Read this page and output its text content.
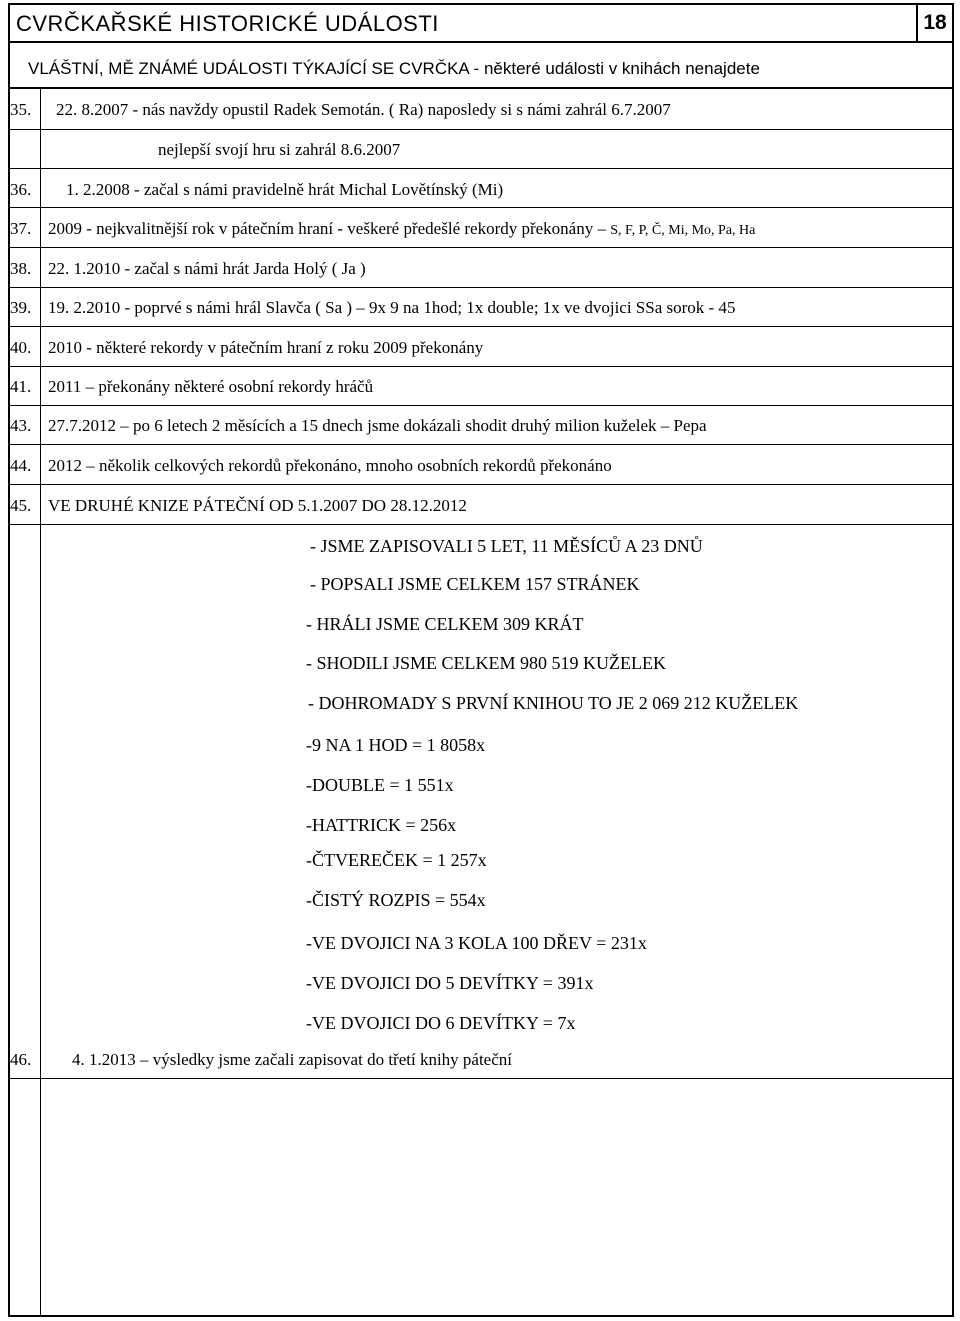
CVRČKAŘSKÉ HISTORICKÉ UDÁLOSTI	18
VLÁŠTNÍ, MĚ ZNÁMÉ UDÁLOSTI TÝKAJÍCÍ SE CVRČKA - některé události v knihách nenajdete
35. 22. 8.2007 - nás navždy opustil Radek Semotán. ( Ra) naposledy si s námi zahrál 6.7.2007
nejlepší svojí hru si zahrál 8.6.2007
36. 1. 2.2008 - začal s námi pravidelně hrát Michal Lovětínský (Mi)
37. 2009 - nejkvalitnější rok v pátečním hraní - veškeré předešlé rekordy překonány – S, F, P, Č, Mi, Mo, Pa, Ha
38. 22. 1.2010 - začal s námi hrát Jarda Holý ( Ja )
39. 19. 2.2010 - poprvé s námi hrál Slavča ( Sa ) – 9x 9 na 1hod; 1x double; 1x ve dvojici SSa sorok - 45
40. 2010 - některé rekordy v pátečním hraní z roku 2009 překonány
41. 2011 – překonány některé osobní rekordy hráčů
43. 27.7.2012 – po 6 letech 2 měsících a 15 dnech jsme dokázali shodit druhý milion kuželek – Pepa
44. 2012 – několik celkových rekordů překonáno, mnoho osobních rekordů překonáno
45. VE DRUHÉ KNIZE PÁTEČNÍ OD 5.1.2007 DO 28.12.2012
- JSME ZAPISOVALI 5 LET, 11 MĚSÍCŮ A 23 DNŮ
- POPSALI JSME CELKEM 157 STRÁNEK
- HRÁLI JSME CELKEM 309 KRÁT
- SHODILI JSME CELKEM 980 519 KUŽELEK
- DOHROMADY S PRVNÍ KNIHOU TO JE 2 069 212 KUŽELEK
-9 NA 1 HOD = 1 8058x
-DOUBLE = 1 551x
-HATTRICK = 256x
-ČTVEREČEK = 1 257x
-ČISTÝ ROZPIS = 554x
-VE DVOJICI NA 3 KOLA 100 DŘEV = 231x
-VE DVOJICI DO 5 DEVÍTKY = 391x
-VE DVOJICI DO 6 DEVÍTKY = 7x
46. 4. 1.2013 – výsledky jsme začali zapisovat do třetí knihy páteční
